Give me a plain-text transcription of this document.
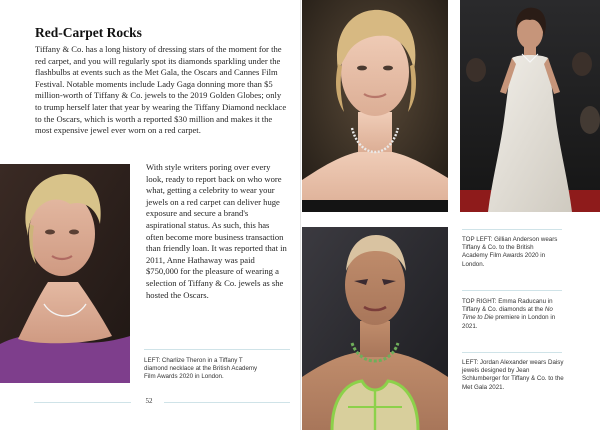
Red-Carpet Rocks

Tiffany & Co. has a long history of dressing stars of the moment for the red carpet, and you will regularly spot its diamonds sparkling under the flashbulbs at events such as the Met Gala, the Oscars and Cannes Film Festival. Notable moments include Lady Gaga donning more than $5 million-worth of Tiffany & Co. jewels to the 2019 Golden Globes; only to trump herself later that year by wearing the Tiffany Diamond necklace to the Oscars, which is worth a reported $30 million and makes it the most expensive jewel ever worn on a red carpet.

With style writers poring over every look, ready to report back on who wore what, getting a celebrity to wear your jewels on a red carpet can deliver huge exposure and secure a brand's aspirational status. As such, this has often become more business transaction than friendly loan. It was reported that in 2011, Anne Hathaway was paid $750,000 for the pleasure of wearing a selection of Tiffany & Co. jewels as she hosted the Oscars.

LEFT: Charlize Theron in a Tiffany T diamond necklace at the British Academy Film Awards 2020 in London.

52

TOP LEFT: Gillian Anderson wears Tiffany & Co. to the British Academy Film Awards 2020 in London.

TOP RIGHT: Emma Raducanu in Tiffany & Co. diamonds at the No Time to Die premiere in London in 2021.

LEFT: Jordan Alexander wears Daisy jewels designed by Jean Schlumberger for Tiffany & Co. to the Met Gala 2021.
